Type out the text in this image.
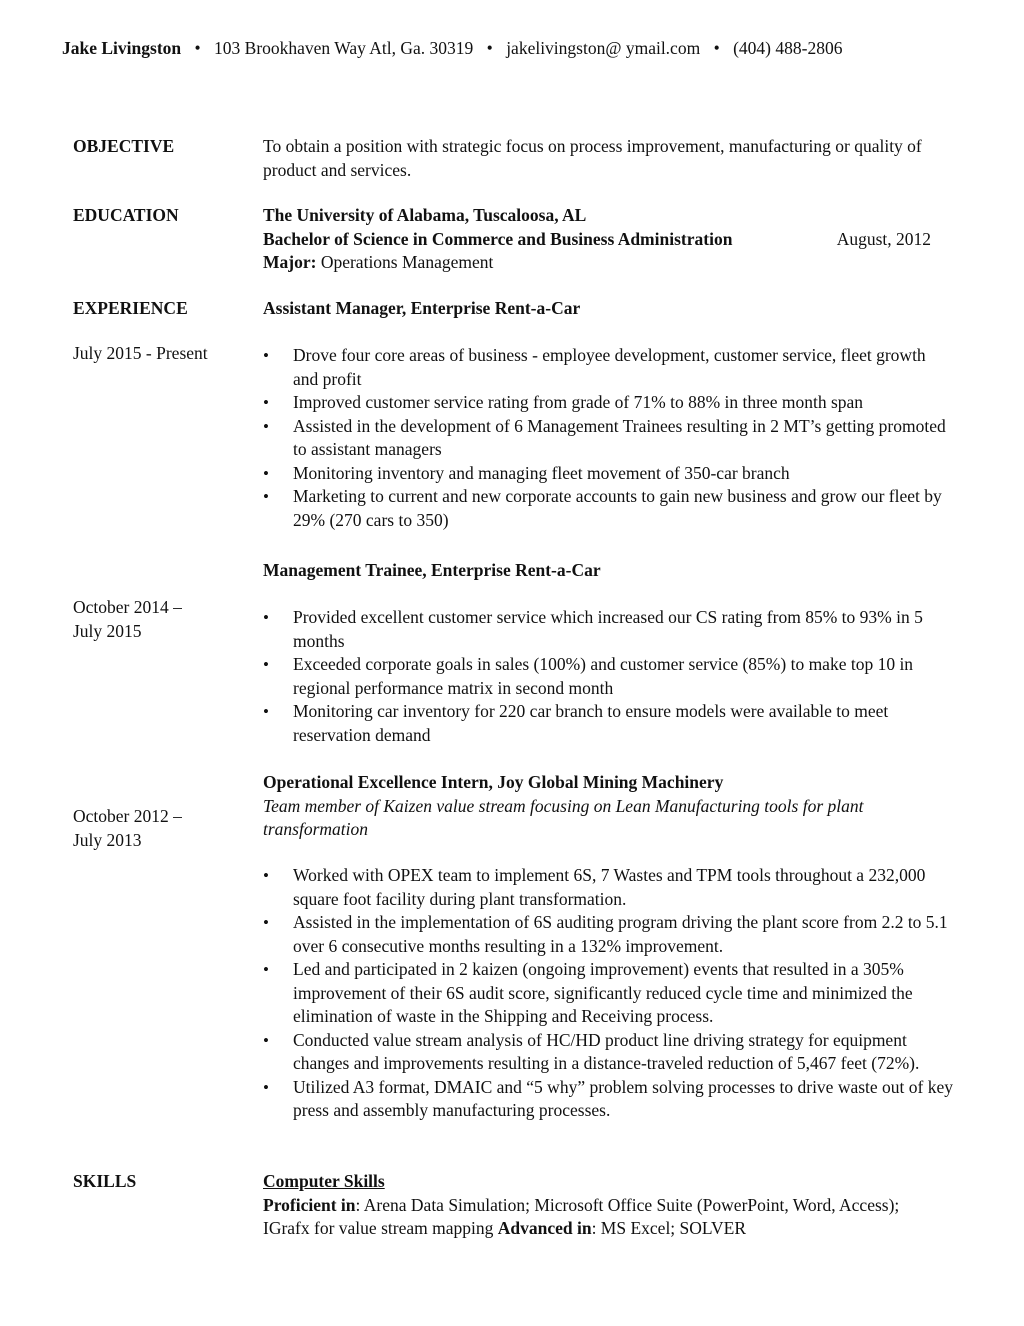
Jake Livingston • 103 Brookhaven Way Atl, Ga. 30319 • jakelivingston@ ymail.com • (404) 488-2806
OBJECTIVE	To obtain a position with strategic focus on process improvement, manufacturing or quality of product and services.
EDUCATION	The University of Alabama, Tuscaloosa, AL
Bachelor of Science in Commerce and Business Administration	August, 2012
Major: Operations Management
EXPERIENCE	Assistant Manager, Enterprise Rent-a-Car
July 2015 - Present
•	Drove four core areas of business - employee development, customer service, fleet growth and profit
• Improved customer service rating from grade of 71% to 88% in three month span
• Assisted in the development of 6 Management Trainees resulting in 2 MT’s getting promoted to assistant managers
• Monitoring inventory and managing fleet movement of 350-car branch
• Marketing to current and new corporate accounts to gain new business and grow our fleet by 29% (270 cars to 350)
Management Trainee, Enterprise Rent-a-Car
October 2014 –
July 2015
• Provided excellent customer service which increased our CS rating from 85% to 93% in 5 months
• Exceeded corporate goals in sales (100%) and customer service (85%) to make top 10 in regional performance matrix in second month
• Monitoring car inventory for 220 car branch to ensure models were available to meet reservation demand
Operational Excellence Intern, Joy Global Mining Machinery
Team member of Kaizen value stream focusing on Lean Manufacturing tools for plant transformation
October 2012 –
July 2013
• Worked with OPEX team to implement 6S, 7 Wastes and TPM tools throughout a 232,000 square foot facility during plant transformation.
• Assisted in the implementation of 6S auditing program driving the plant score from 2.2 to 5.1 over 6 consecutive months resulting in a 132% improvement.
• Led and participated in 2 kaizen (ongoing improvement) events that resulted in a 305% improvement of their 6S audit score, significantly reduced cycle time and minimized the elimination of waste in the Shipping and Receiving process.
• Conducted value stream analysis of HC/HD product line driving strategy for equipment changes and improvements resulting in a distance-traveled reduction of 5,467 feet (72%).
• Utilized A3 format, DMAIC and “5 why” problem solving processes to drive waste out of key press and assembly manufacturing processes.
SKILLS	Computer Skills
Proficient in: Arena Data Simulation; Microsoft Office Suite (PowerPoint, Word, Access); IGrafx for value stream mapping Advanced in: MS Excel; SOLVER
